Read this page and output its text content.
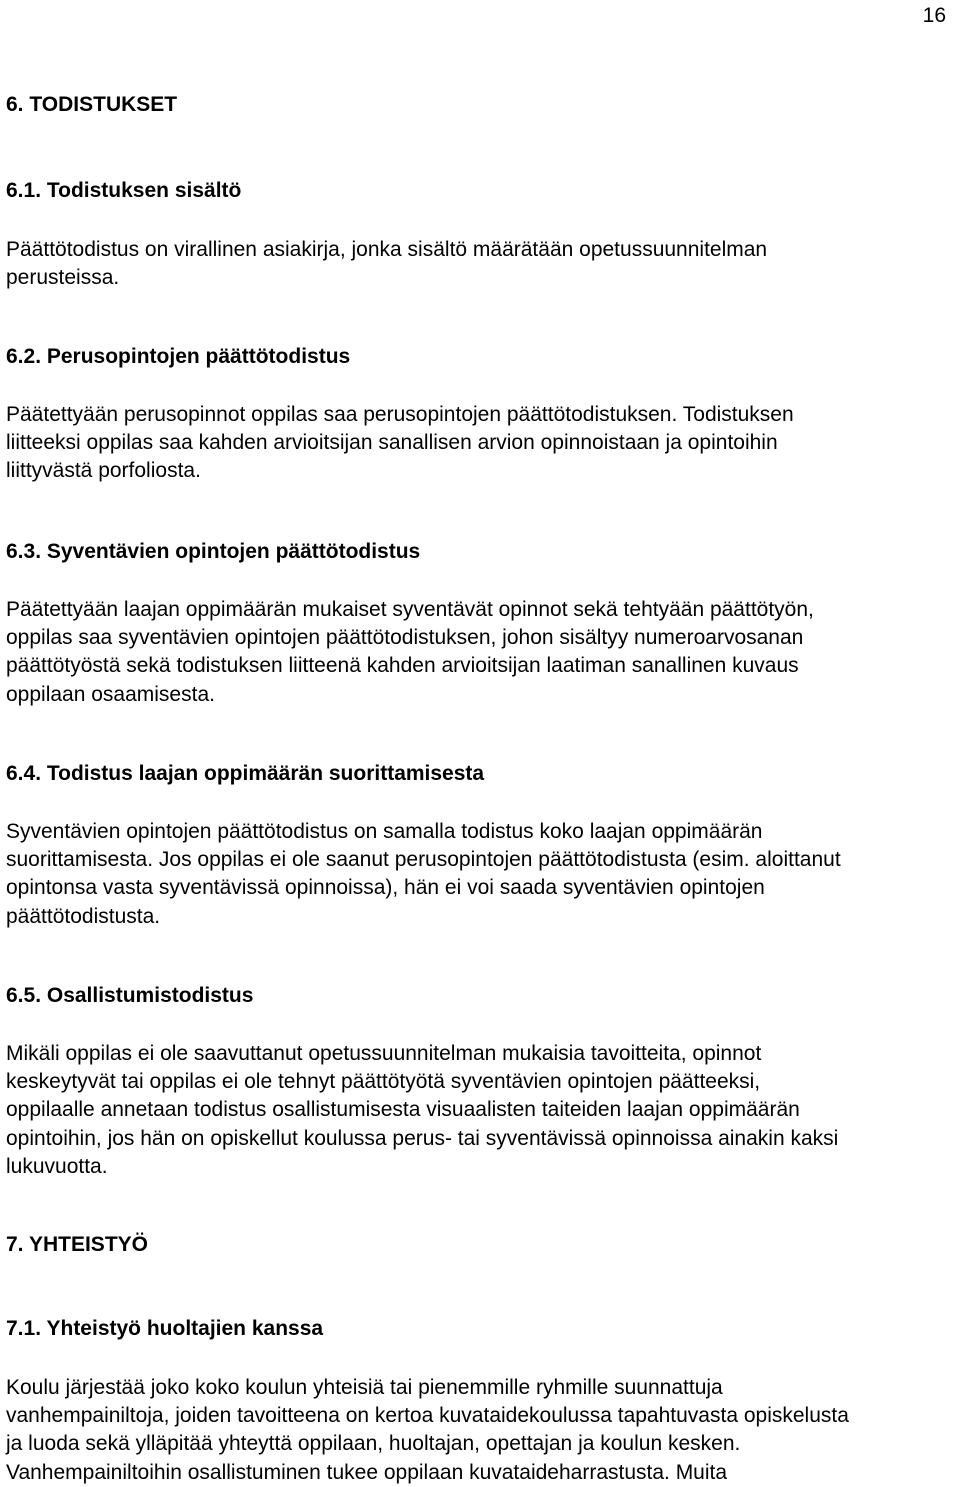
16
6. TODISTUKSET
6.1. Todistuksen sisältö
Päättötodistus on virallinen asiakirja, jonka sisältö määrätään opetussuunnitelman
perusteissa.
6.2. Perusopintojen päättötodistus
Päätettyään perusopinnot oppilas saa perusopintojen päättötodistuksen. Todistuksen
liitteeksi oppilas saa kahden arvioitsijan sanallisen arvion opinnoistaan ja opintoihin
liittyvästä porfoliosta.
6.3. Syventävien opintojen päättötodistus
Päätettyään laajan oppimäärän mukaiset syventävät opinnot sekä tehtyään päättötyön,
oppilas saa syventävien opintojen päättötodistuksen, johon sisältyy numeroarvosanan
päättötyöstä sekä todistuksen liitteenä kahden arvioitsijan laatiman sanallinen kuvaus
oppilaan osaamisesta.
6.4. Todistus laajan oppimäärän suorittamisesta
Syventävien opintojen päättötodistus on samalla todistus koko laajan oppimäärän
suorittamisesta. Jos oppilas ei ole saanut perusopintojen päättötodistusta (esim. aloittanut
opintonsa vasta syventävissä opinnoissa), hän ei voi saada syventävien opintojen
päättötodistusta.
6.5. Osallistumistodistus
Mikäli oppilas ei ole saavuttanut opetussuunnitelman mukaisia tavoitteita, opinnot
keskeytyvät tai oppilas ei ole tehnyt päättötyötä syventävien opintojen päätteeksi,
oppilaalle annetaan todistus osallistumisesta visuaalisten taiteiden laajan oppimäärän
opintoihin, jos hän on opiskellut koulussa perus- tai syventävissä opinnoissa ainakin kaksi
lukuvuotta.
7. YHTEISTYÖ
7.1. Yhteistyö huoltajien kanssa
Koulu järjestää joko koko koulun yhteisiä tai pienemmille ryhmille suunnattuja
vanhempainiltoja, joiden tavoitteena on kertoa kuvataidekoulussa tapahtuvasta opiskelusta
ja luoda sekä ylläpitää yhteyttä oppilaan, huoltajan, opettajan ja koulun kesken.
Vanhempainiltoihin osallistuminen tukee oppilaan kuvataideharrastusta. Muita
